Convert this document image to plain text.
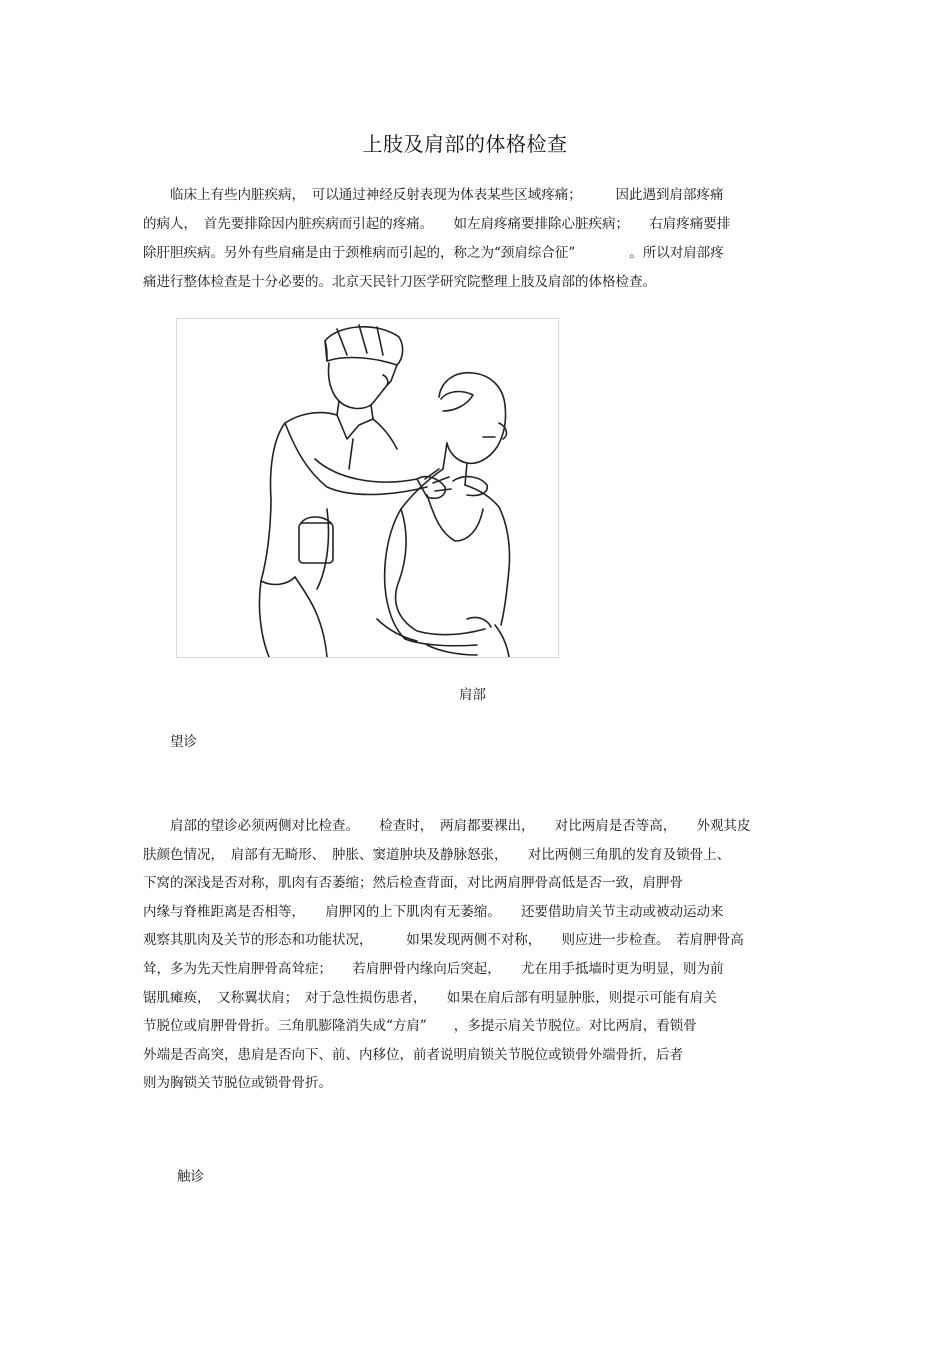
上肢及肩部的体格检查
　　临床上有些内脏疾病，　可以通过神经反射表现为体表某些区域疼痛；　　　因此遇到肩部疼痛
的病人，　首先要排除因内脏疾病而引起的疼痛。　　如左肩疼痛要排除心脏疾病；　　右肩疼痛要排
除肝胆疾病。另外有些肩痛是由于颈椎病而引起的，称之为“颈肩综合征”　　　　。所以对肩部疼
痛进行整体检查是十分必要的。北京天民针刀医学研究院整理上肢及肩部的体格检查。
肩部
望诊
　　肩部的望诊必须两侧对比检查。　　检查时，　两肩都要裸出，　　对比两肩是否等高，　　外观其皮
肤颜色情况，　肩部有无畸形、　肿胀、窦道肿块及静脉怒张，　　对比两侧三角肌的发育及锁骨上、
下窝的深浅是否对称，肌肉有否萎缩；然后检查背面，对比两肩胛骨高低是否一致，肩胛骨
内缘与脊椎距离是否相等，　　肩胛冈的上下肌肉有无萎缩。　　还要借助肩关节主动或被动运动来
观察其肌肉及关节的形态和功能状况，　　　如果发现两侧不对称，　　则应进一步检查。　若肩胛骨高
耸，多为先天性肩胛骨高耸症；　　若肩胛骨内缘向后突起，　　尤在用手抵墙时更为明显，则为前
锯肌瘫痪，　又称翼状肩；　对于急性损伤患者，　　如果在肩后部有明显肿胀，则提示可能有肩关
节脱位或肩胛骨骨折。三角肌膨隆消失成“方肩”　　，多提示肩关节脱位。对比两肩，看锁骨
外端是否高突，患肩是否向下、前、内移位，前者说明肩锁关节脱位或锁骨外端骨折，后者
则为胸锁关节脱位或锁骨骨折。
触诊
